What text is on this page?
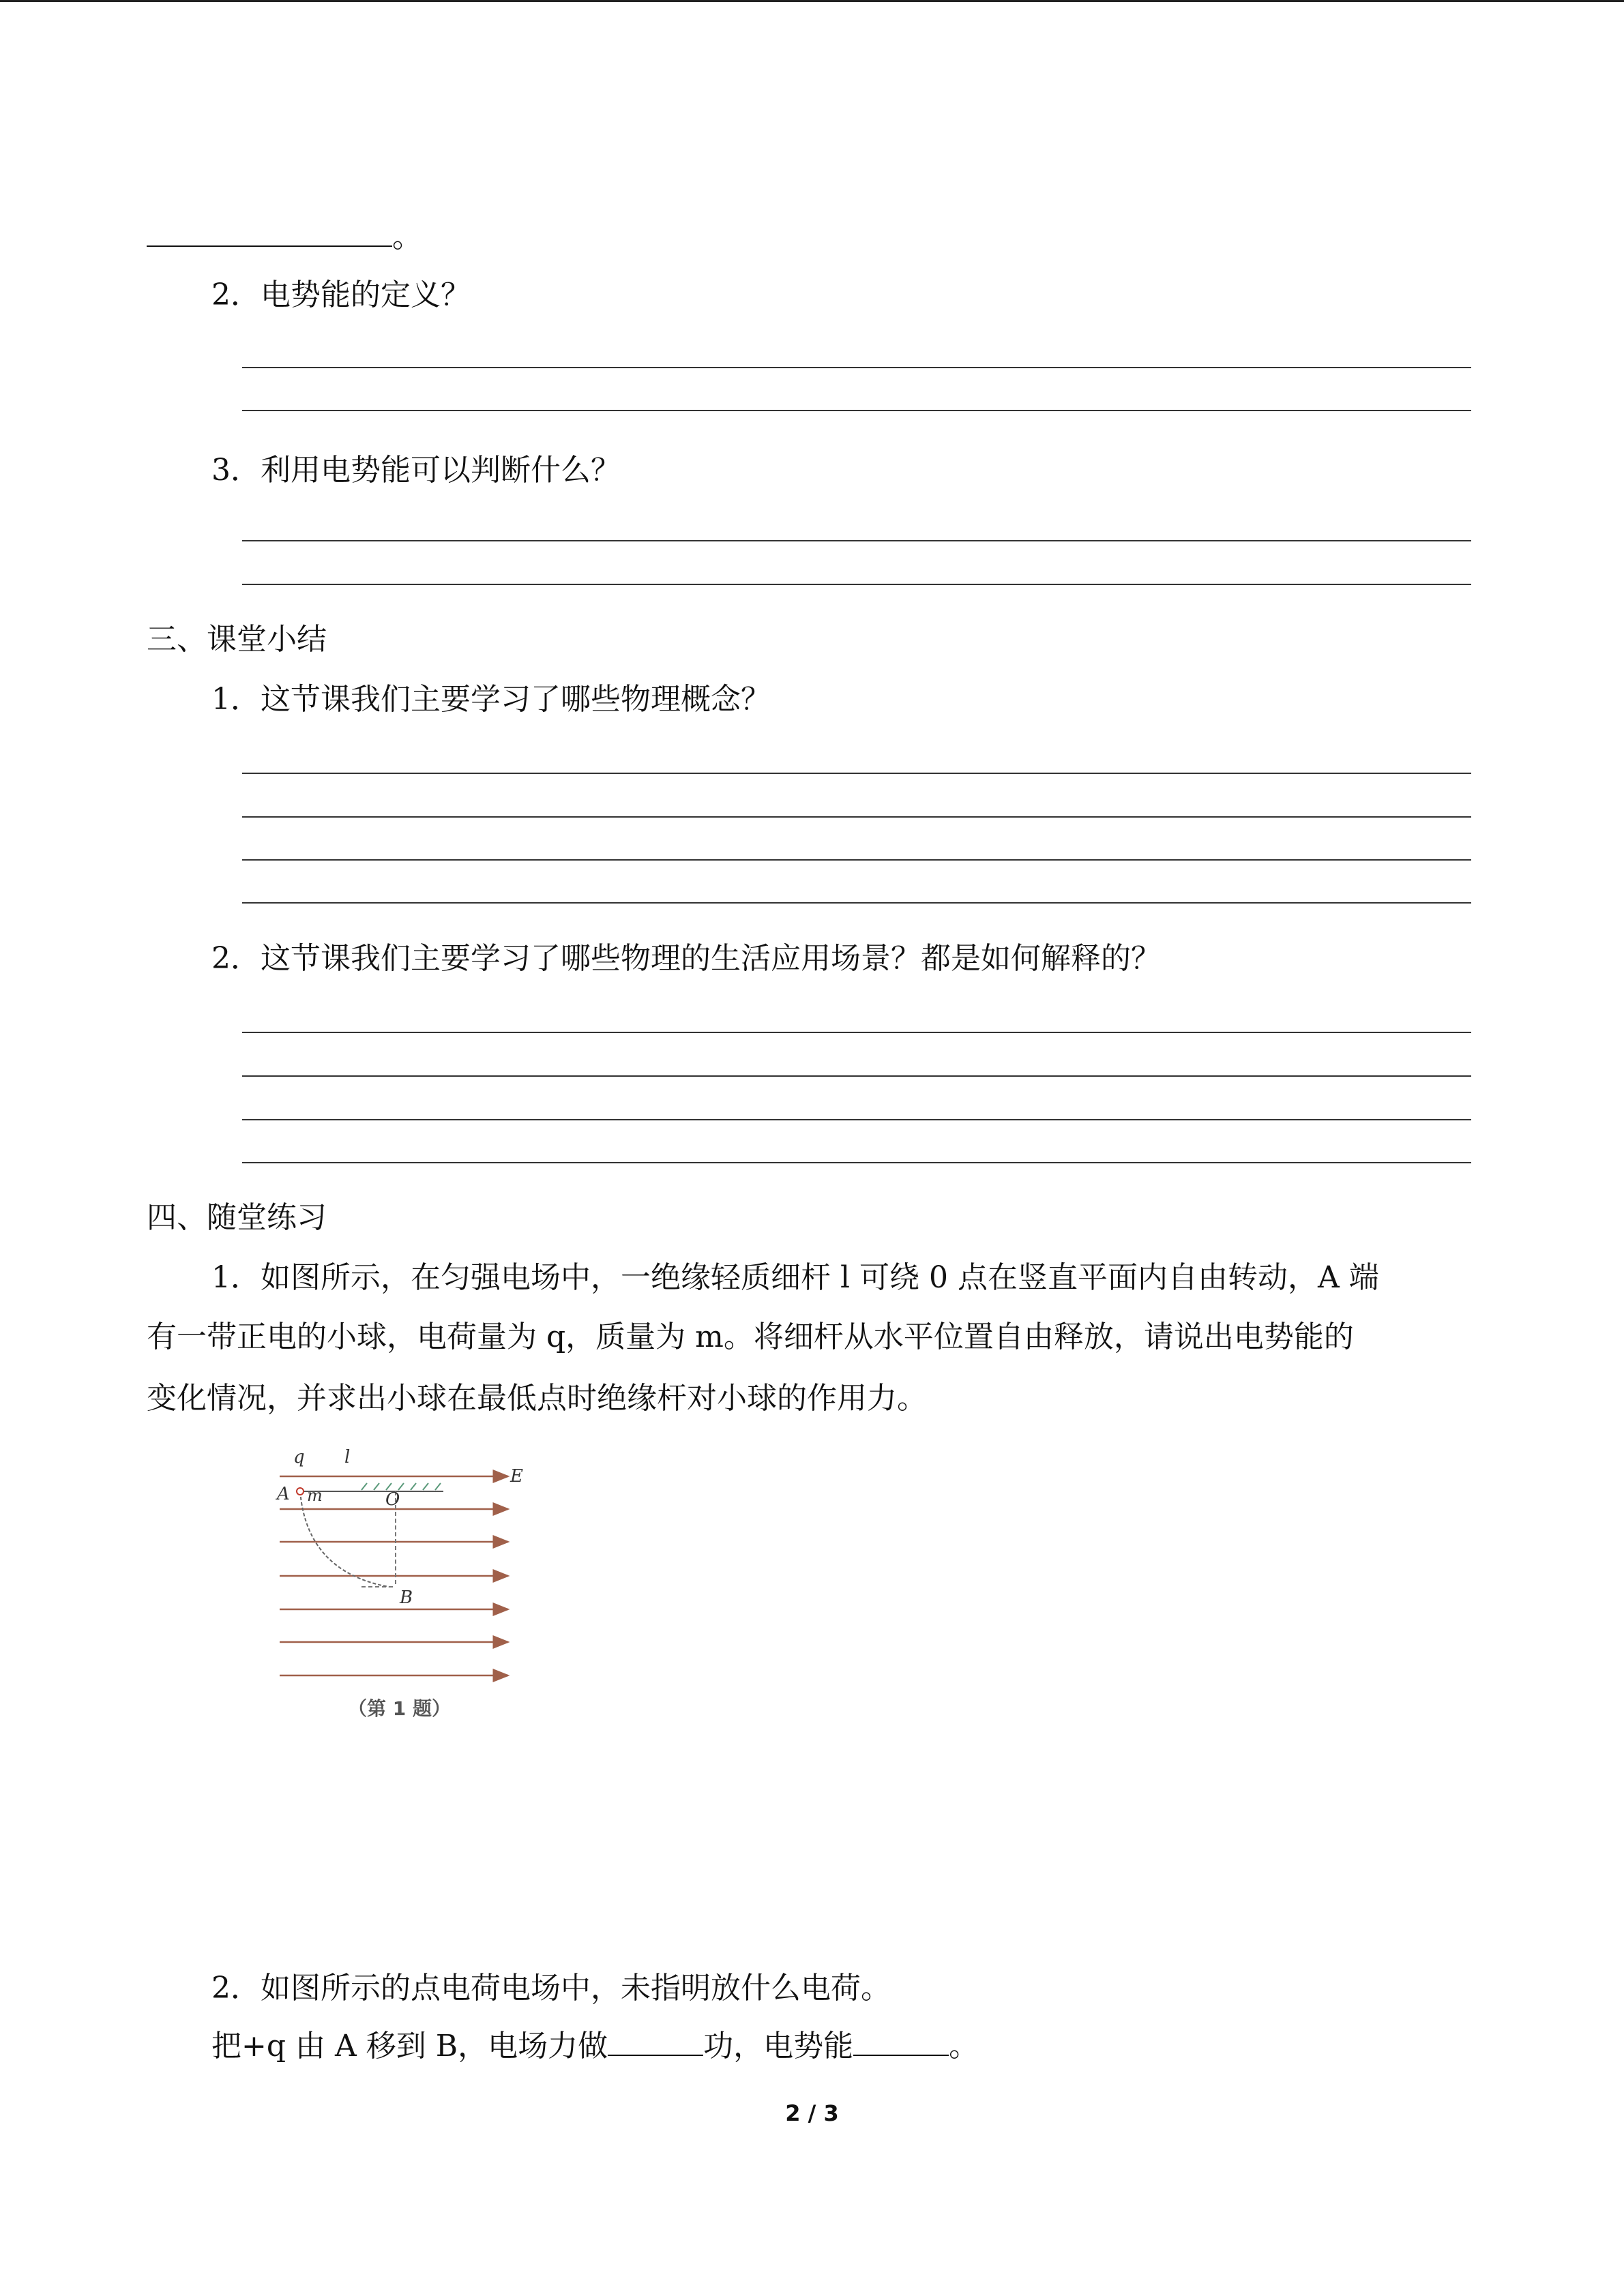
。
2．电势能的定义？
3．利用电势能可以判断什么？
三、课堂小结
1．这节课我们主要学习了哪些物理概念？
2．这节课我们主要学习了哪些物理的生活应用场景？都是如何解释的？
四、随堂练习
1．如图所示，在匀强电场中，一绝缘轻质细杆 l 可绕 0 点在竖直平面内自由转动，A 端
有一带正电的小球，电荷量为 q，质量为 m。将细杆从水平位置自由释放，请说出电势能的
变化情况，并求出小球在最低点时绝缘杆对小球的作用力。
q l
E
A m	O
B
（第 1 题）
2．如图所示的点电荷电场中，未指明放什么电荷。
把+q 由 A 移到 B，电场力做	功，电势能	。
2 / 3
